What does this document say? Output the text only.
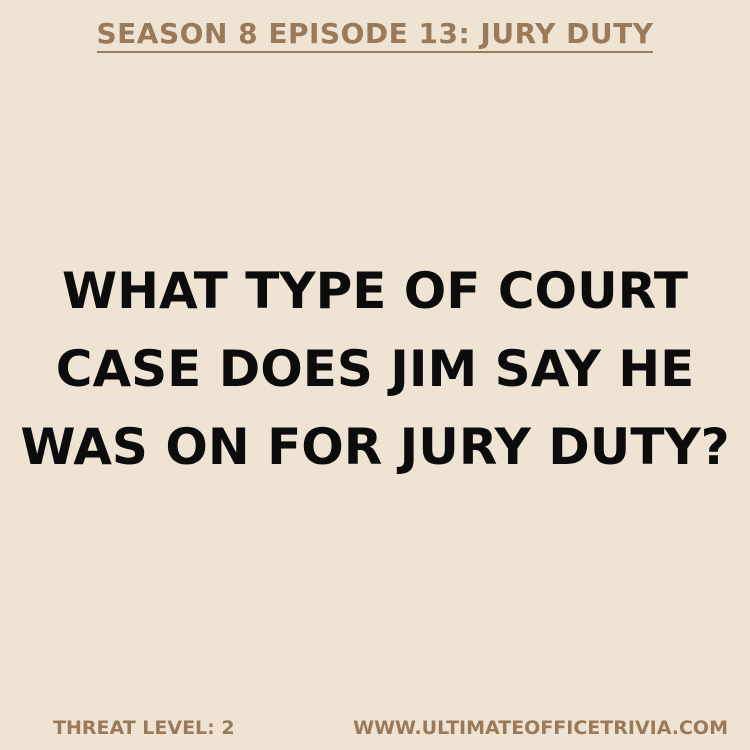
SEASON 8 EPISODE 13: JURY DUTY
WHAT TYPE OF COURT CASE DOES JIM SAY HE WAS ON FOR JURY DUTY?
THREAT LEVEL: 2	WWW.ULTIMATEOFFICETRIVIA.COM
